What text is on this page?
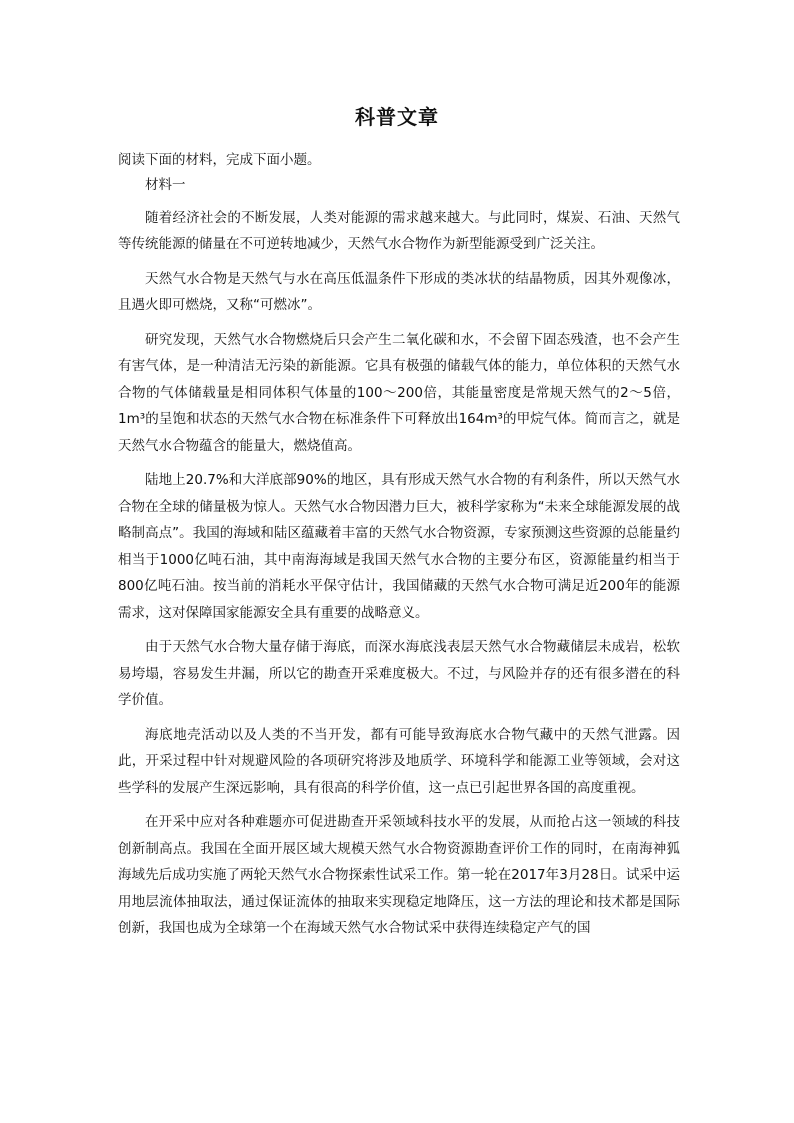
科普文章
阅读下面的材料，完成下面小题。

材料一

随着经济社会的不断发展，人类对能源的需求越来越大。与此同时，煤炭、石油、天然气等传统能源的储量在不可逆转地减少，天然气水合物作为新型能源受到广泛关注。

天然气水合物是天然气与水在高压低温条件下形成的类冰状的结晶物质，因其外观像冰，且遇火即可燃烧，又称“可燃冰”。

研究发现，天然气水合物燃烧后只会产生二氧化碳和水，不会留下固态残渣，也不会产生有害气体，是一种清洁无污染的新能源。它具有极强的储载气体的能力，单位体积的天然气水合物的气体储载量是相同体积气体量的100～200倍，其能量密度是常规天然气的2～5倍，1m³的呈饱和状态的天然气水合物在标准条件下可释放出164m³的甲烷气体。简而言之，就是天然气水合物蕴含的能量大，燃烧值高。

陆地上20.7%和大洋底部90%的地区，具有形成天然气水合物的有利条件，所以天然气水合物在全球的储量极为惊人。天然气水合物因潜力巨大，被科学家称为“未来全球能源发展的战略制高点”。我国的海域和陆区蕴藏着丰富的天然气水合物资源，专家预测这些资源的总能量约相当于1000亿吨石油，其中南海海域是我国天然气水合物的主要分布区，资源能量约相当于800亿吨石油。按当前的消耗水平保守估计，我国储藏的天然气水合物可满足近200年的能源需求，这对保障国家能源安全具有重要的战略意义。

由于天然气水合物大量存储于海底，而深水海底浅表层天然气水合物藏储层未成岩，松软易垮塌，容易发生井漏，所以它的勘查开采难度极大。不过，与风险并存的还有很多潜在的科学价值。

海底地壳活动以及人类的不当开发，都有可能导致海底水合物气藏中的天然气泄露。因此，开采过程中针对规避风险的各项研究将涉及地质学、环境科学和能源工业等领域，会对这些学科的发展产生深远影响，具有很高的科学价值，这一点已引起世界各国的高度重视。

在开采中应对各种难题亦可促进勘查开采领域科技水平的发展，从而抢占这一领域的科技创新制高点。我国在全面开展区域大规模天然气水合物资源勘查评价工作的同时，在南海神狐海域先后成功实施了两轮天然气水合物探索性试采工作。第一轮在2017年3月28日。试采中运用地层流体抽取法，通过保证流体的抽取来实现稳定地降压，这一方法的理论和技术都是国际创新，我国也成为全球第一个在海域天然气水合物试采中获得连续稳定产气的国
